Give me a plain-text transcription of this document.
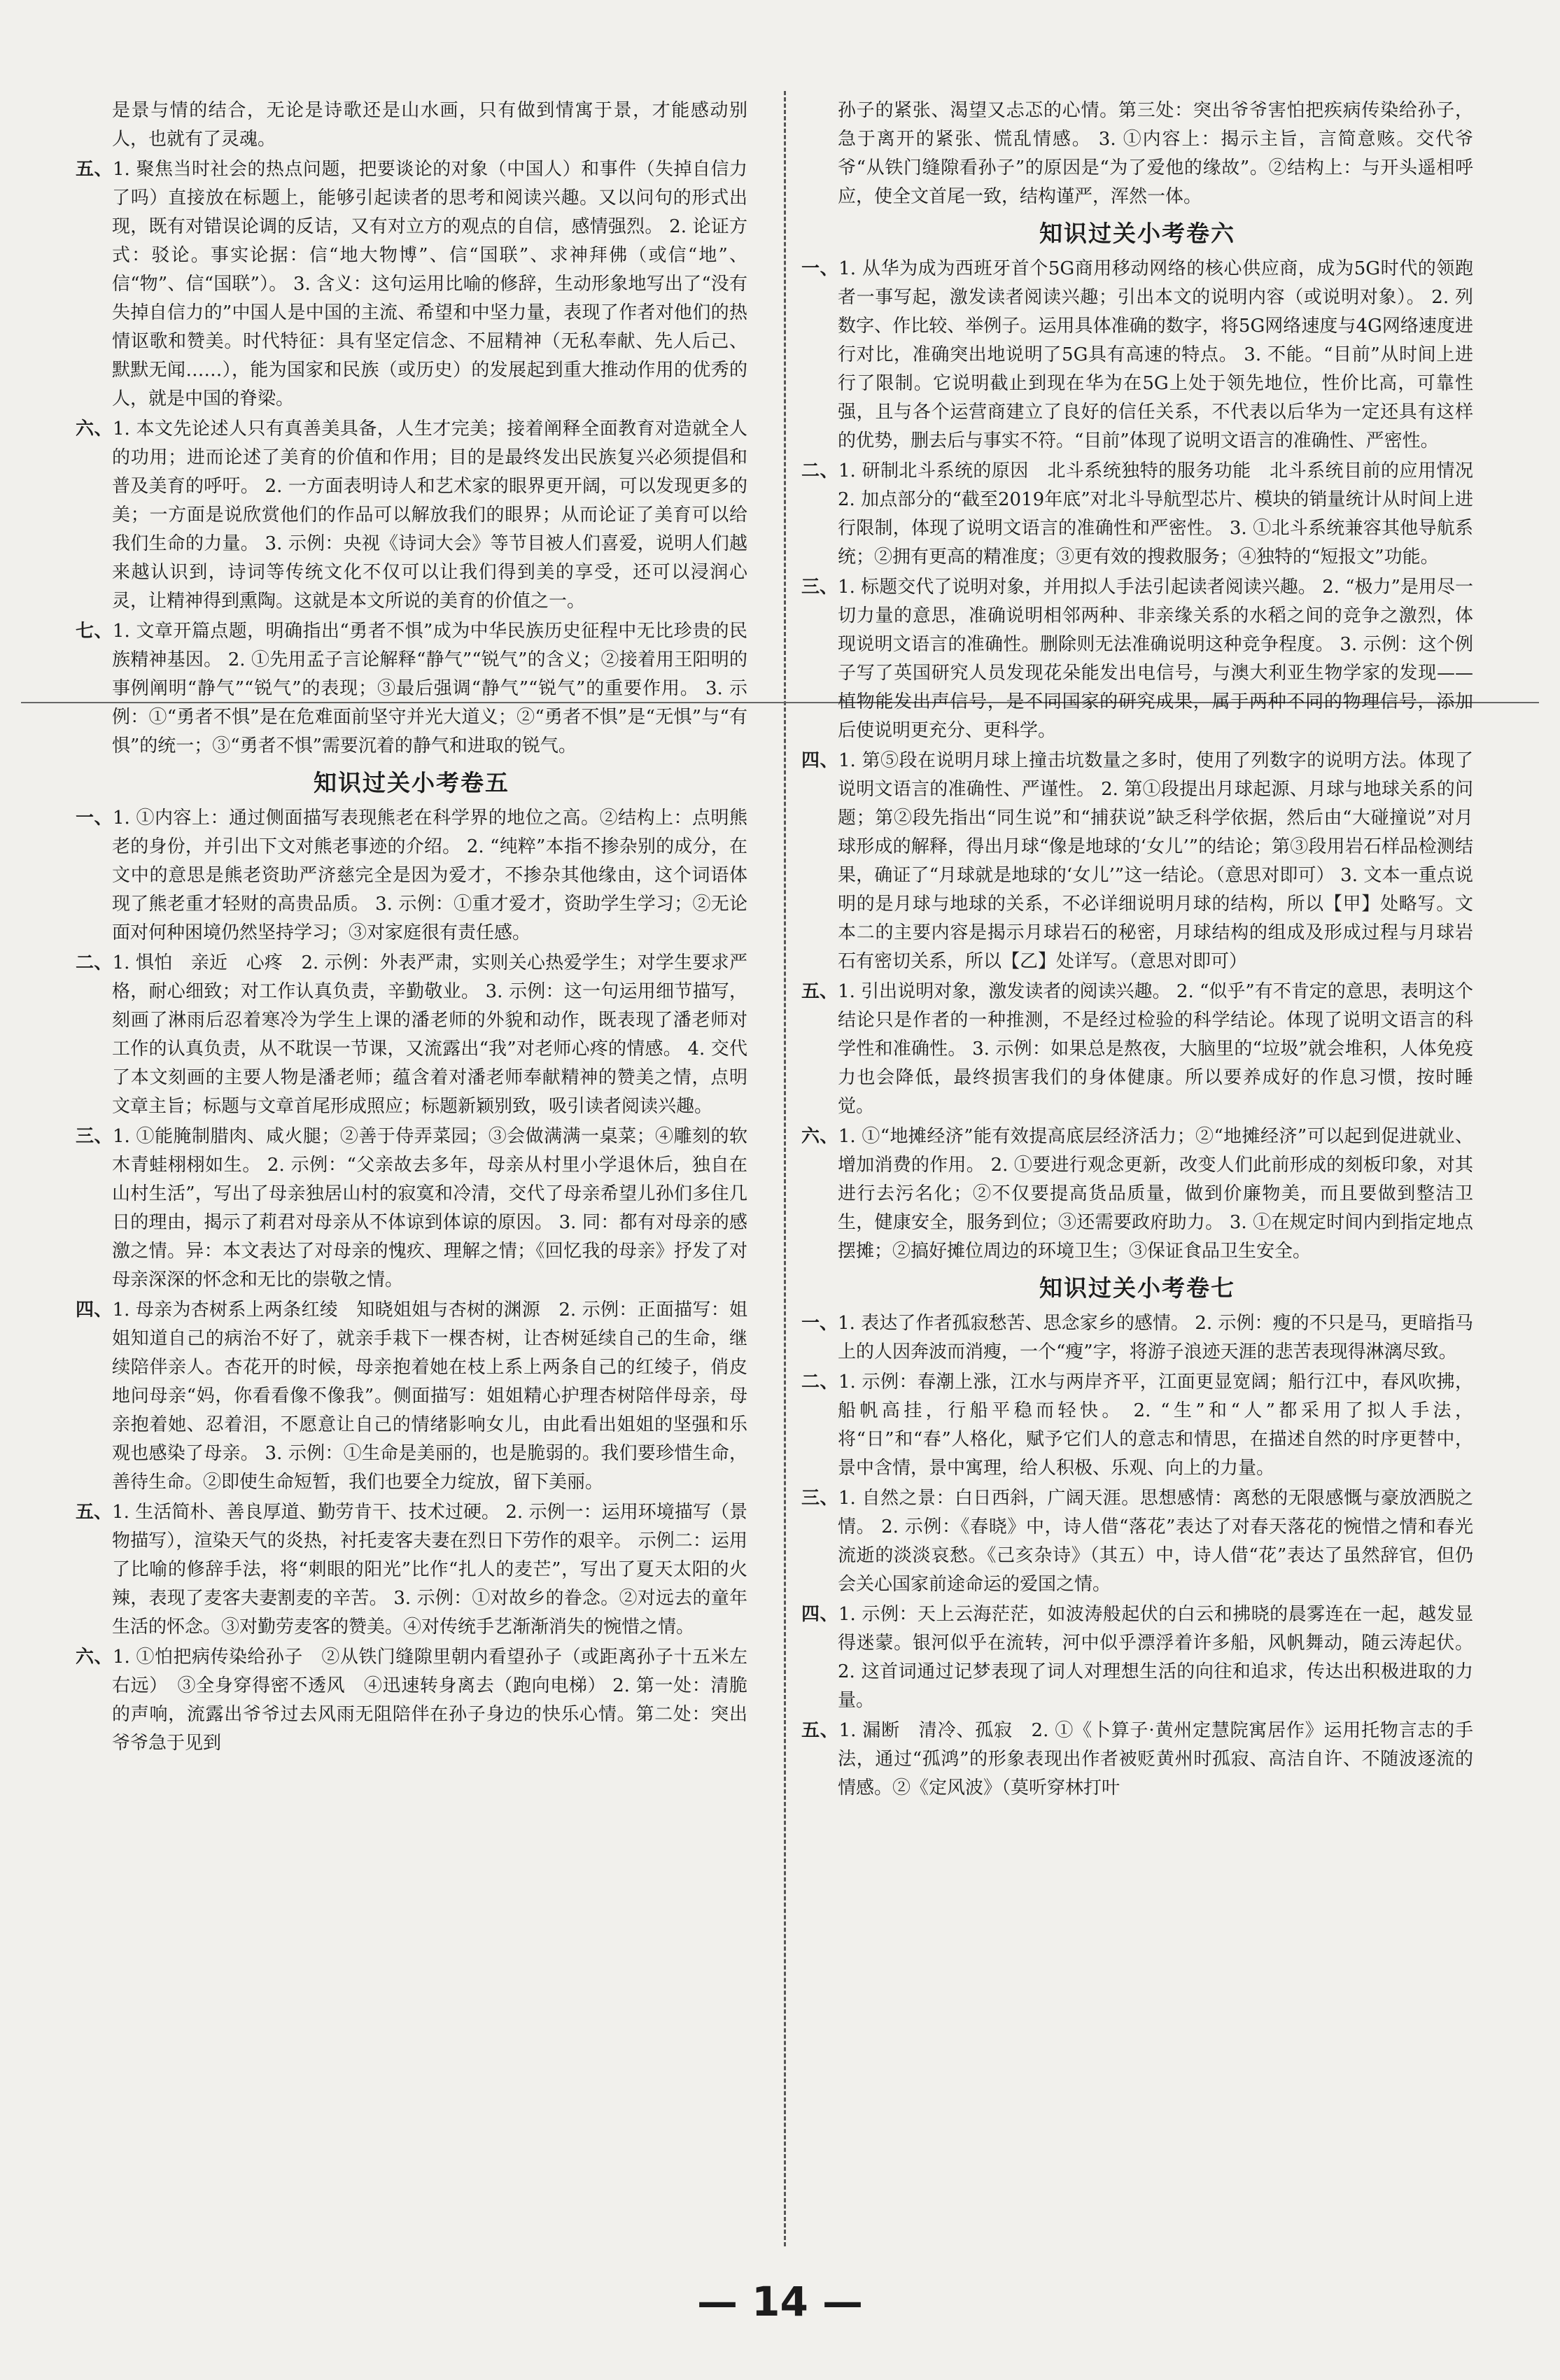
是景与情的结合，无论是诗歌还是山水画，只有做到情寓于景，才能感动别人，也就有了灵魂。

五、1. 聚焦当时社会的热点问题，把要谈论的对象（中国人）和事件（失掉自信力了吗）直接放在标题上，能够引起读者的思考和阅读兴趣。又以问句的形式出现，既有对错误论调的反诘，又有对立方的观点的自信，感情强烈。 2. 论证方式：驳论。事实论据：信“地大物博”、信“国联”、求神拜佛（或信“地”、信“物”、信“国联”）。 3. 含义：这句运用比喻的修辞，生动形象地写出了“没有失掉自信力的”中国人是中国的主流、希望和中坚力量，表现了作者对他们的热情讴歌和赞美。时代特征：具有坚定信念、不屈精神（无私奉献、先人后己、默默无闻……），能为国家和民族（或历史）的发展起到重大推动作用的优秀的人，就是中国的脊梁。

六、1. 本文先论述人只有真善美具备，人生才完美；接着阐释全面教育对造就全人的功用；进而论述了美育的价值和作用；目的是最终发出民族复兴必须提倡和普及美育的呼吁。 2. 一方面表明诗人和艺术家的眼界更开阔，可以发现更多的美；一方面是说欣赏他们的作品可以解放我们的眼界；从而论证了美育可以给我们生命的力量。 3. 示例：央视《诗词大会》等节目被人们喜爱，说明人们越来越认识到，诗词等传统文化不仅可以让我们得到美的享受，还可以浸润心灵，让精神得到熏陶。这就是本文所说的美育的价值之一。

七、1. 文章开篇点题，明确指出“勇者不惧”成为中华民族历史征程中无比珍贵的民族精神基因。 2. ①先用孟子言论解释“静气”“锐气”的含义；②接着用王阳明的事例阐明“静气”“锐气”的表现；③最后强调“静气”“锐气”的重要作用。 3. 示例：①“勇者不惧”是在危难面前坚守并光大道义；②“勇者不惧”是“无惧”与“有惧”的统一；③“勇者不惧”需要沉着的静气和进取的锐气。

知识过关小考卷五

一、1. ①内容上：通过侧面描写表现熊老在科学界的地位之高。②结构上：点明熊老的身份，并引出下文对熊老事迹的介绍。 2. “纯粹”本指不掺杂别的成分，在文中的意思是熊老资助严济慈完全是因为爱才，不掺杂其他缘由，这个词语体现了熊老重才轻财的高贵品质。 3. 示例：①重才爱才，资助学生学习；②无论面对何种困境仍然坚持学习；③对家庭很有责任感。

二、1. 惧怕　亲近　心疼　2. 示例：外表严肃，实则关心热爱学生；对学生要求严格，耐心细致；对工作认真负责，辛勤敬业。 3. 示例：这一句运用细节描写，刻画了淋雨后忍着寒冷为学生上课的潘老师的外貌和动作，既表现了潘老师对工作的认真负责，从不耽误一节课，又流露出“我”对老师心疼的情感。 4. 交代了本文刻画的主要人物是潘老师；蕴含着对潘老师奉献精神的赞美之情，点明文章主旨；标题与文章首尾形成照应；标题新颖别致，吸引读者阅读兴趣。

三、1. ①能腌制腊肉、咸火腿；②善于侍弄菜园；③会做满满一桌菜；④雕刻的软木青蛙栩栩如生。 2. 示例：“父亲故去多年，母亲从村里小学退休后，独自在山村生活”，写出了母亲独居山村的寂寞和冷清，交代了母亲希望儿孙们多住几日的理由，揭示了莉君对母亲从不体谅到体谅的原因。 3. 同：都有对母亲的感激之情。异：本文表达了对母亲的愧疚、理解之情；《回忆我的母亲》抒发了对母亲深深的怀念和无比的崇敬之情。

四、1. 母亲为杏树系上两条红绫　知晓姐姐与杏树的渊源　2. 示例：正面描写：姐姐知道自己的病治不好了，就亲手栽下一棵杏树，让杏树延续自己的生命，继续陪伴亲人。杏花开的时候，母亲抱着她在枝上系上两条自己的红绫子，俏皮地问母亲“妈，你看看像不像我”。侧面描写：姐姐精心护理杏树陪伴母亲，母亲抱着她、忍着泪，不愿意让自己的情绪影响女儿，由此看出姐姐的坚强和乐观也感染了母亲。 3. 示例：①生命是美丽的，也是脆弱的。我们要珍惜生命，善待生命。②即使生命短暂，我们也要全力绽放，留下美丽。

五、1. 生活简朴、善良厚道、勤劳肯干、技术过硬。 2. 示例一：运用环境描写（景物描写），渲染天气的炎热，衬托麦客夫妻在烈日下劳作的艰辛。 示例二：运用了比喻的修辞手法，将“刺眼的阳光”比作“扎人的麦芒”，写出了夏天太阳的火辣，表现了麦客夫妻割麦的辛苦。 3. 示例：①对故乡的眷念。②对远去的童年生活的怀念。③对勤劳麦客的赞美。④对传统手艺渐渐消失的惋惜之情。

六、1. ①怕把病传染给孙子　②从铁门缝隙里朝内看望孙子（或距离孙子十五米左右远）　③全身穿得密不透风　④迅速转身离去（跑向电梯） 2. 第一处：清脆的声响，流露出爷爷过去风雨无阻陪伴在孙子身边的快乐心情。第二处：突出爷爷急于见到

孙子的紧张、渴望又忐忑的心情。第三处：突出爷爷害怕把疾病传染给孙子，急于离开的紧张、慌乱情感。 3. ①内容上：揭示主旨，言简意赅。交代爷爷“从铁门缝隙看孙子”的原因是“为了爱他的缘故”。②结构上：与开头遥相呼应，使全文首尾一致，结构谨严，浑然一体。

知识过关小考卷六

一、1. 从华为成为西班牙首个5G商用移动网络的核心供应商，成为5G时代的领跑者一事写起，激发读者阅读兴趣；引出本文的说明内容（或说明对象）。 2. 列数字、作比较、举例子。运用具体准确的数字，将5G网络速度与4G网络速度进行对比，准确突出地说明了5G具有高速的特点。 3. 不能。“目前”从时间上进行了限制。它说明截止到现在华为在5G上处于领先地位，性价比高，可靠性强，且与各个运营商建立了良好的信任关系，不代表以后华为一定还具有这样的优势，删去后与事实不符。“目前”体现了说明文语言的准确性、严密性。

二、1. 研制北斗系统的原因　北斗系统独特的服务功能　北斗系统目前的应用情况　2. 加点部分的“截至2019年底”对北斗导航型芯片、模块的销量统计从时间上进行限制，体现了说明文语言的准确性和严密性。 3. ①北斗系统兼容其他导航系统；②拥有更高的精准度；③更有效的搜救服务；④独特的“短报文”功能。

三、1. 标题交代了说明对象，并用拟人手法引起读者阅读兴趣。 2. “极力”是用尽一切力量的意思，准确说明相邻两种、非亲缘关系的水稻之间的竞争之激烈，体现说明文语言的准确性。删除则无法准确说明这种竞争程度。 3. 示例：这个例子写了英国研究人员发现花朵能发出电信号，与澳大利亚生物学家的发现——植物能发出声信号，是不同国家的研究成果，属于两种不同的物理信号，添加后使说明更充分、更科学。

四、1. 第⑤段在说明月球上撞击坑数量之多时，使用了列数字的说明方法。体现了说明文语言的准确性、严谨性。 2. 第①段提出月球起源、月球与地球关系的问题；第②段先指出“同生说”和“捕获说”缺乏科学依据，然后由“大碰撞说”对月球形成的解释，得出月球“像是地球的‘女儿’”的结论；第③段用岩石样品检测结果，确证了“月球就是地球的‘女儿’”这一结论。（意思对即可） 3. 文本一重点说明的是月球与地球的关系，不必详细说明月球的结构，所以【甲】处略写。文本二的主要内容是揭示月球岩石的秘密，月球结构的组成及形成过程与月球岩石有密切关系，所以【乙】处详写。（意思对即可）

五、1. 引出说明对象，激发读者的阅读兴趣。 2. “似乎”有不肯定的意思，表明这个结论只是作者的一种推测，不是经过检验的科学结论。体现了说明文语言的科学性和准确性。 3. 示例：如果总是熬夜，大脑里的“垃圾”就会堆积，人体免疫力也会降低，最终损害我们的身体健康。所以要养成好的作息习惯，按时睡觉。

六、1. ①“地摊经济”能有效提高底层经济活力；②“地摊经济”可以起到促进就业、增加消费的作用。 2. ①要进行观念更新，改变人们此前形成的刻板印象，对其进行去污名化；②不仅要提高货品质量，做到价廉物美，而且要做到整洁卫生，健康安全，服务到位；③还需要政府助力。 3. ①在规定时间内到指定地点摆摊；②搞好摊位周边的环境卫生；③保证食品卫生安全。

知识过关小考卷七

一、1. 表达了作者孤寂愁苦、思念家乡的感情。 2. 示例：瘦的不只是马，更暗指马上的人因奔波而消瘦，一个“瘦”字，将游子浪迹天涯的悲苦表现得淋漓尽致。

二、1. 示例：春潮上涨，江水与两岸齐平，江面更显宽阔；船行江中，春风吹拂，船帆高挂，行船平稳而轻快。 2. “生”和“人”都采用了拟人手法，将“日”和“春”人格化，赋予它们人的意志和情思，在描述自然的时序更替中，景中含情，景中寓理，给人积极、乐观、向上的力量。

三、1. 自然之景：白日西斜，广阔天涯。思想感情：离愁的无限感慨与豪放洒脱之情。 2. 示例：《春晓》中，诗人借“落花”表达了对春天落花的惋惜之情和春光流逝的淡淡哀愁。《己亥杂诗》（其五）中，诗人借“花”表达了虽然辞官，但仍会关心国家前途命运的爱国之情。

四、1. 示例：天上云海茫茫，如波涛般起伏的白云和拂晓的晨雾连在一起，越发显得迷蒙。银河似乎在流转，河中似乎漂浮着许多船，风帆舞动，随云涛起伏。 2. 这首词通过记梦表现了词人对理想生活的向往和追求，传达出积极进取的力量。

五、1. 漏断　清冷、孤寂　2. ①《卜算子·黄州定慧院寓居作》运用托物言志的手法，通过“孤鸿”的形象表现出作者被贬黄州时孤寂、高洁自许、不随波逐流的情感。②《定风波》（莫听穿林打叶

— 14 —
